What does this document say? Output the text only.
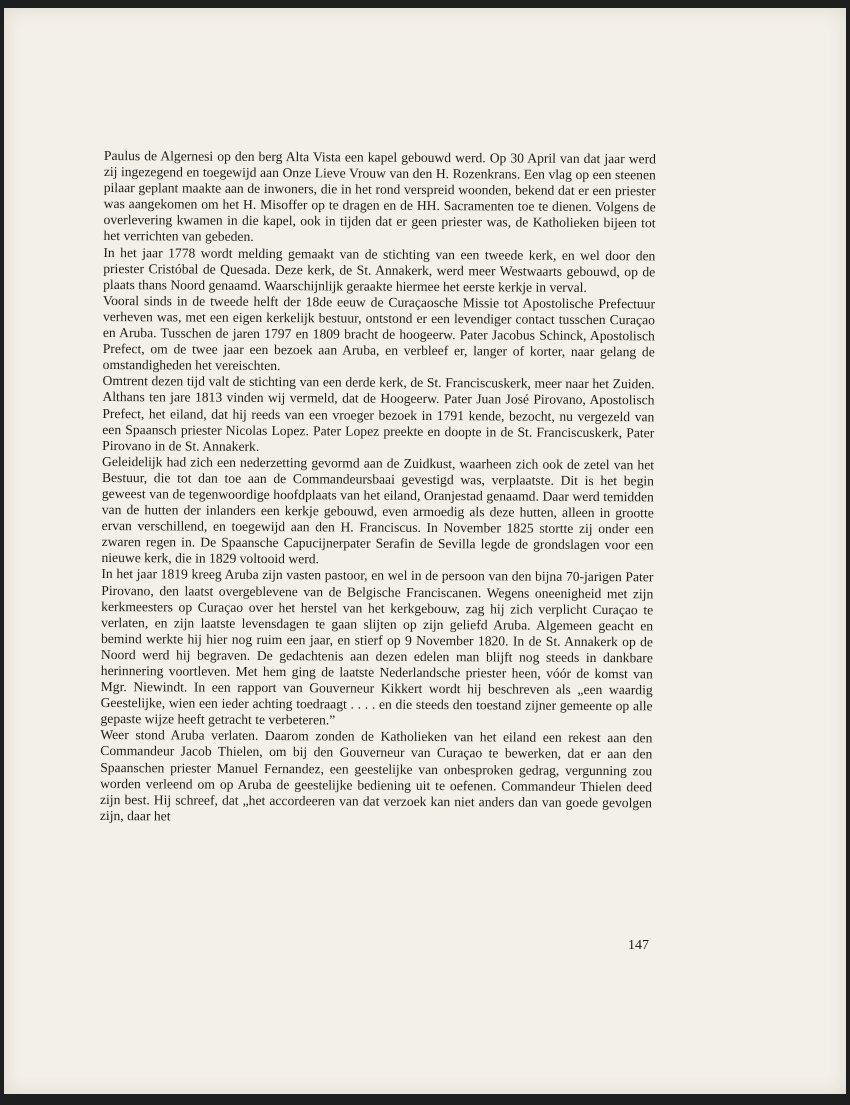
Paulus de Algernesi op den berg Alta Vista een kapel gebouwd werd. Op 30 April van dat jaar werd zij ingezegend en toegewijd aan Onze Lieve Vrouw van den H. Rozenkrans. Een vlag op een steenen pilaar geplant maakte aan de inwoners, die in het rond verspreid woonden, bekend dat er een priester was aangekomen om het H. Misoffer op te dragen en de HH. Sacramenten toe te dienen. Volgens de overlevering kwamen in die kapel, ook in tijden dat er geen priester was, de Katholieken bijeen tot het verrichten van gebeden.

In het jaar 1778 wordt melding gemaakt van de stichting van een tweede kerk, en wel door den priester Cristóbal de Quesada. Deze kerk, de St. Annakerk, werd meer Westwaarts gebouwd, op de plaats thans Noord genaamd. Waarschijnlijk geraakte hiermee het eerste kerkje in verval.

Vooral sinds in de tweede helft der 18de eeuw de Curaçaosche Missie tot Apostolische Prefectuur verheven was, met een eigen kerkelijk bestuur, ontstond er een levendiger contact tusschen Curaçao en Aruba. Tusschen de jaren 1797 en 1809 bracht de hoogeerw. Pater Jacobus Schinck, Apostolisch Prefect, om de twee jaar een bezoek aan Aruba, en verbleef er, langer of korter, naar gelang de omstandigheden het vereischten.

Omtrent dezen tijd valt de stichting van een derde kerk, de St. Franciscuskerk, meer naar het Zuiden. Althans ten jare 1813 vinden wij vermeld, dat de Hoogeerw. Pater Juan José Pirovano, Apostolisch Prefect, het eiland, dat hij reeds van een vroeger bezoek in 1791 kende, bezocht, nu vergezeld van een Spaansch priester Nicolas Lopez. Pater Lopez preekte en doopte in de St. Franciscuskerk, Pater Pirovano in de St. Annakerk.

Geleidelijk had zich een nederzetting gevormd aan de Zuidkust, waarheen zich ook de zetel van het Bestuur, die tot dan toe aan de Commandeursbaai gevestigd was, verplaatste. Dit is het begin geweest van de tegenwoordige hoofdplaats van het eiland, Oranjestad genaamd. Daar werd temidden van de hutten der inlanders een kerkje gebouwd, even armoedig als deze hutten, alleen in grootte ervan verschillend, en toegewijd aan den H. Franciscus. In November 1825 stortte zij onder een zwaren regen in. De Spaansche Capucijnerpater Serafin de Sevilla legde de grondslagen voor een nieuwe kerk, die in 1829 voltooid werd.

In het jaar 1819 kreeg Aruba zijn vasten pastoor, en wel in de persoon van den bijna 70-jarigen Pater Pirovano, den laatst overgeblevene van de Belgische Franciscanen. Wegens oneenigheid met zijn kerkmeesters op Curaçao over het herstel van het kerkgebouw, zag hij zich verplicht Curaçao te verlaten, en zijn laatste levensdagen te gaan slijten op zijn geliefd Aruba. Algemeen geacht en bemind werkte hij hier nog ruim een jaar, en stierf op 9 November 1820. In de St. Annakerk op de Noord werd hij begraven. De gedachtenis aan dezen edelen man blijft nog steeds in dankbare herinnering voortleven. Met hem ging de laatste Nederlandsche priester heen, vóór de komst van Mgr. Niewindt. In een rapport van Gouverneur Kikkert wordt hij beschreven als „een waardig Geestelijke, wien een ieder achting toedraagt . . . . en die steeds den toestand zijner gemeente op alle gepaste wijze heeft getracht te verbeteren.”

Weer stond Aruba verlaten. Daarom zonden de Katholieken van het eiland een rekest aan den Commandeur Jacob Thielen, om bij den Gouverneur van Curaçao te bewerken, dat er aan den Spaanschen priester Manuel Fernandez, een geestelijke van onbesproken gedrag, vergunning zou worden verleend om op Aruba de geestelijke bediening uit te oefenen. Commandeur Thielen deed zijn best. Hij schreef, dat „het accordeeren van dat verzoek kan niet anders dan van goede gevolgen zijn, daar het

147
